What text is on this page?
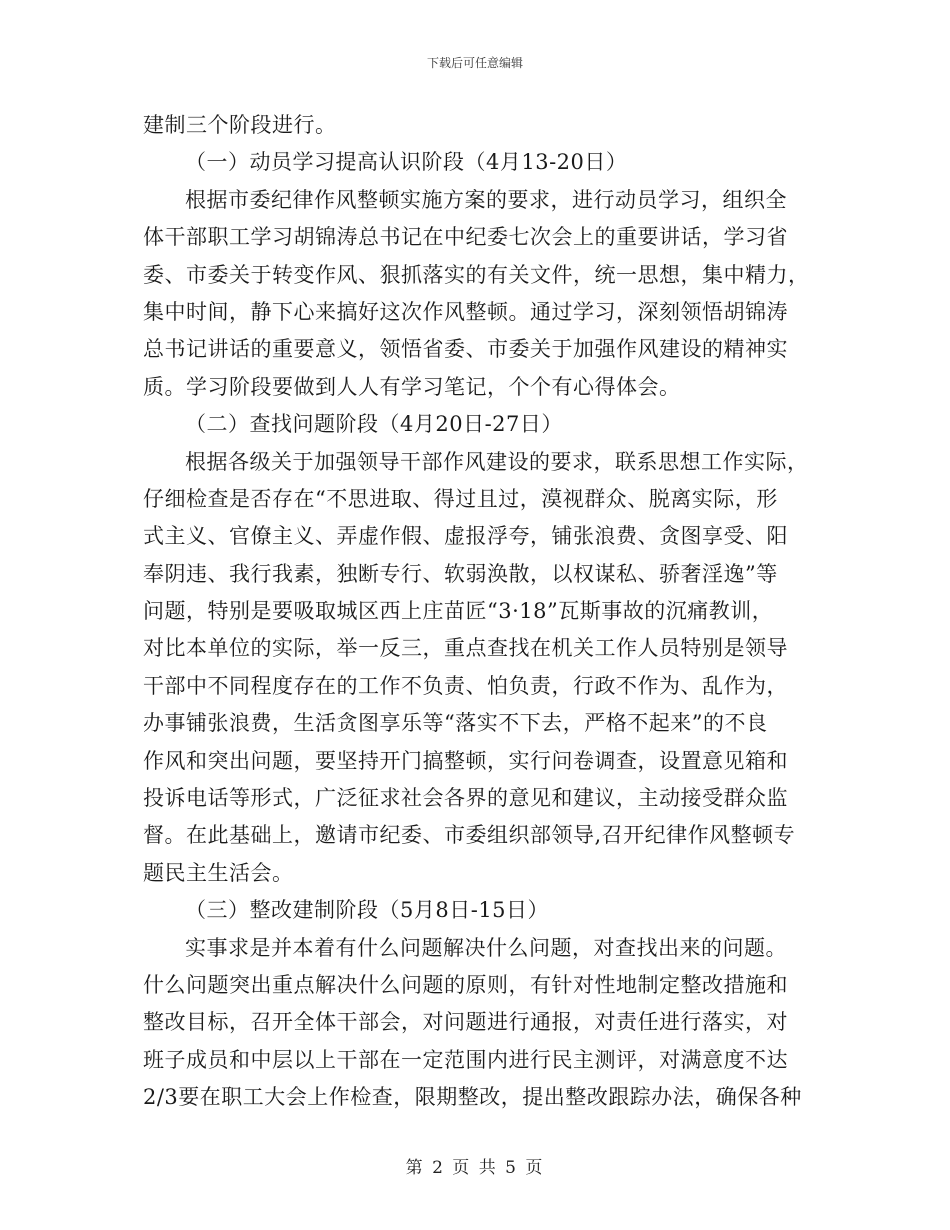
下载后可任意编辑
建制三个阶段进行。
（一）动员学习提高认识阶段（4月13-20日）
根据市委纪律作风整顿实施方案的要求，进行动员学习，组织全
体干部职工学习胡锦涛总书记在中纪委七次会上的重要讲话，学习省
委、市委关于转变作风、狠抓落实的有关文件，统一思想，集中精力，
集中时间，静下心来搞好这次作风整顿。通过学习，深刻领悟胡锦涛
总书记讲话的重要意义，领悟省委、市委关于加强作风建设的精神实
质。学习阶段要做到人人有学习笔记，个个有心得体会。
（二）查找问题阶段（4月20日-27日）
根据各级关于加强领导干部作风建设的要求，联系思想工作实际，
仔细检查是否存在“不思进取、得过且过，漠视群众、脱离实际，形
式主义、官僚主义、弄虚作假、虚报浮夸，铺张浪费、贪图享受、阳
奉阴违、我行我素，独断专行、软弱涣散，以权谋私、骄奢淫逸”等
问题，特别是要吸取城区西上庄苗匠“3·18”瓦斯事故的沉痛教训，
对比本单位的实际，举一反三，重点查找在机关工作人员特别是领导
干部中不同程度存在的工作不负责、怕负责，行政不作为、乱作为，
办事铺张浪费，生活贪图享乐等“落实不下去，严格不起来”的不良
作风和突出问题，要坚持开门搞整顿，实行问卷调查，设置意见箱和
投诉电话等形式，广泛征求社会各界的意见和建议，主动接受群众监
督。在此基础上，邀请市纪委、市委组织部领导,召开纪律作风整顿专
题民主生活会。
（三）整改建制阶段（5月8日-15日）
实事求是并本着有什么问题解决什么问题，对查找出来的问题。
什么问题突出重点解决什么问题的原则，有针对性地制定整改措施和
整改目标，召开全体干部会，对问题进行通报，对责任进行落实，对
班子成员和中层以上干部在一定范围内进行民主测评，对满意度不达
2/3要在职工大会上作检查，限期整改，提出整改跟踪办法，确保各种
第 2 页 共 5 页
